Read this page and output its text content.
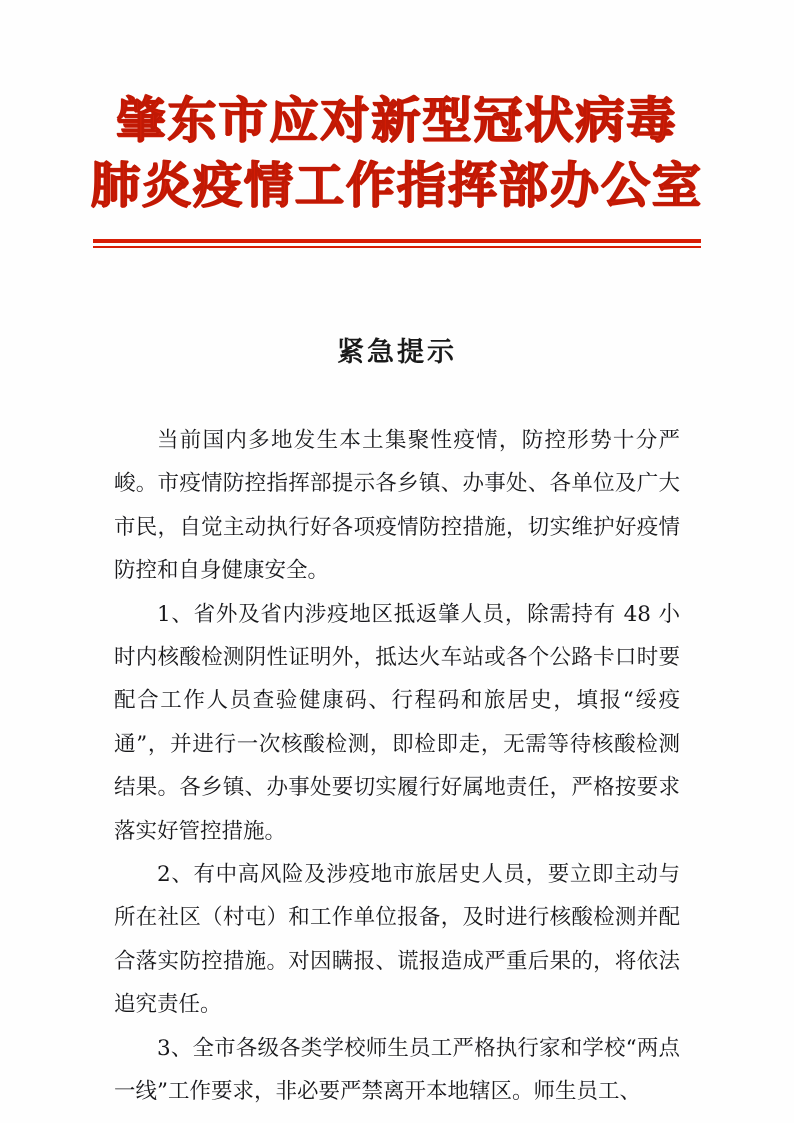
肇东市应对新型冠状病毒
肺炎疫情工作指挥部办公室
紧急提示

当前国内多地发生本土集聚性疫情，防控形势十分严峻。市疫情防控指挥部提示各乡镇、办事处、各单位及广大市民，自觉主动执行好各项疫情防控措施，切实维护好疫情防控和自身健康安全。

1、省外及省内涉疫地区抵返肇人员，除需持有 48 小时内核酸检测阴性证明外，抵达火车站或各个公路卡口时要配合工作人员查验健康码、行程码和旅居史，填报“绥疫通”，并进行一次核酸检测，即检即走，无需等待核酸检测结果。各乡镇、办事处要切实履行好属地责任，严格按要求落实好管控措施。

2、有中高风险及涉疫地市旅居史人员，要立即主动与所在社区（村屯）和工作单位报备，及时进行核酸检测并配合落实防控措施。对因瞒报、谎报造成严重后果的，将依法追究责任。

3、全市各级各类学校师生员工严格执行家和学校“两点一线”工作要求，非必要严禁离开本地辖区。师生员工、
